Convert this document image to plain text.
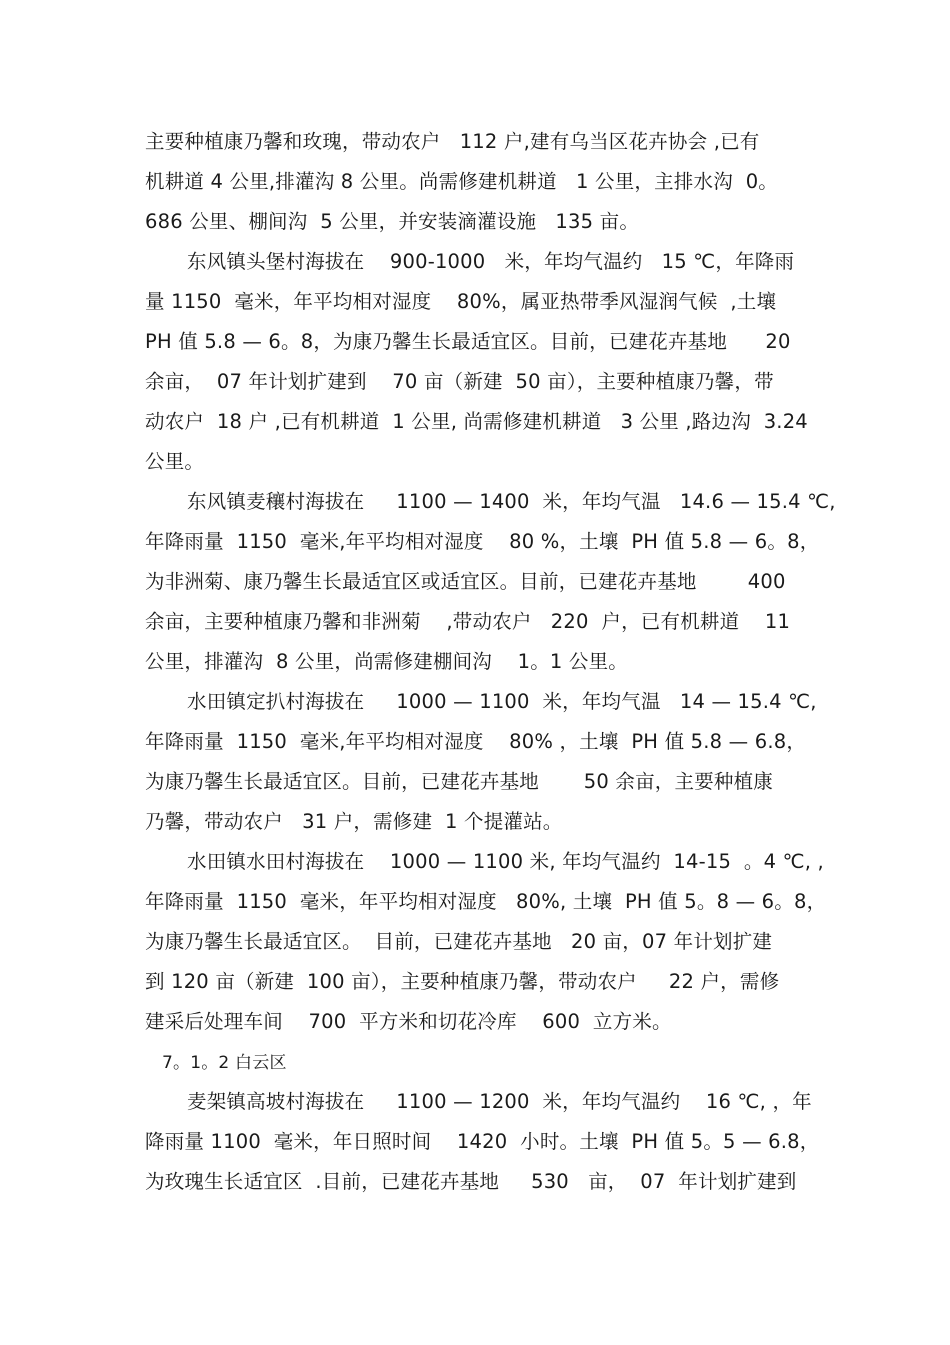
主要种植康乃馨和玫瑰，带动农户   112 户,建有乌当区花卉协会 ,已有
机耕道 4 公里,排灌沟 8 公里。尚需修建机耕道   1 公里，主排水沟  0。
686 公里、棚间沟  5 公里，并安装滴灌设施   135 亩。
东风镇头堡村海拔在    900-1000   米，年均气温约   15 ℃，年降雨
量 1150  毫米，年平均相对湿度    80%，属亚热带季风湿润气候  ,土壤
PH 值 5.8 — 6。8，为康乃馨生长最适宜区。目前，已建花卉基地      20
余亩，  07 年计划扩建到    70 亩（新建  50 亩），主要种植康乃馨，带
动农户  18 户 ,已有机耕道  1 公里, 尚需修建机耕道   3 公里 ,路边沟  3.24
公里。
东风镇麦穰村海拔在     1100 — 1400  米，年均气温   14.6 — 15.4 ℃,
年降雨量  1150  毫米,年平均相对湿度    80 %，土壤  PH 值 5.8 — 6。8，
为非洲菊、康乃馨生长最适宜区或适宜区。目前，已建花卉基地        400
余亩，主要种植康乃馨和非洲菊    ,带动农户   220  户，已有机耕道    11
公里，排灌沟  8 公里，尚需修建棚间沟    1。1 公里。
水田镇定扒村海拔在     1000 — 1100  米，年均气温   14 — 15.4 ℃,
年降雨量  1150  毫米,年平均相对湿度    80% ，土壤  PH 值 5.8 — 6.8，
为康乃馨生长最适宜区。目前，已建花卉基地       50 余亩，主要种植康
乃馨，带动农户   31 户，需修建  1 个提灌站。
水田镇水田村海拔在    1000 — 1100 米, 年均气温约  14-15  。4 ℃, ,
年降雨量  1150  毫米，年平均相对湿度   80%, 土壤  PH 值 5。8 — 6。8，
为康乃馨生长最适宜区。  目前，已建花卉基地   20 亩，07 年计划扩建
到 120 亩（新建  100 亩），主要种植康乃馨，带动农户     22 户，需修
建采后处理车间    700  平方米和切花冷库    600  立方米。
7。1。2 白云区
麦架镇高坡村海拔在     1100 — 1200  米，年均气温约    16 ℃, ，年
降雨量 1100  毫米，年日照时间    1420  小时。土壤  PH 值 5。5 — 6.8，
为玫瑰生长适宜区  .目前，已建花卉基地     530   亩，  07  年计划扩建到
